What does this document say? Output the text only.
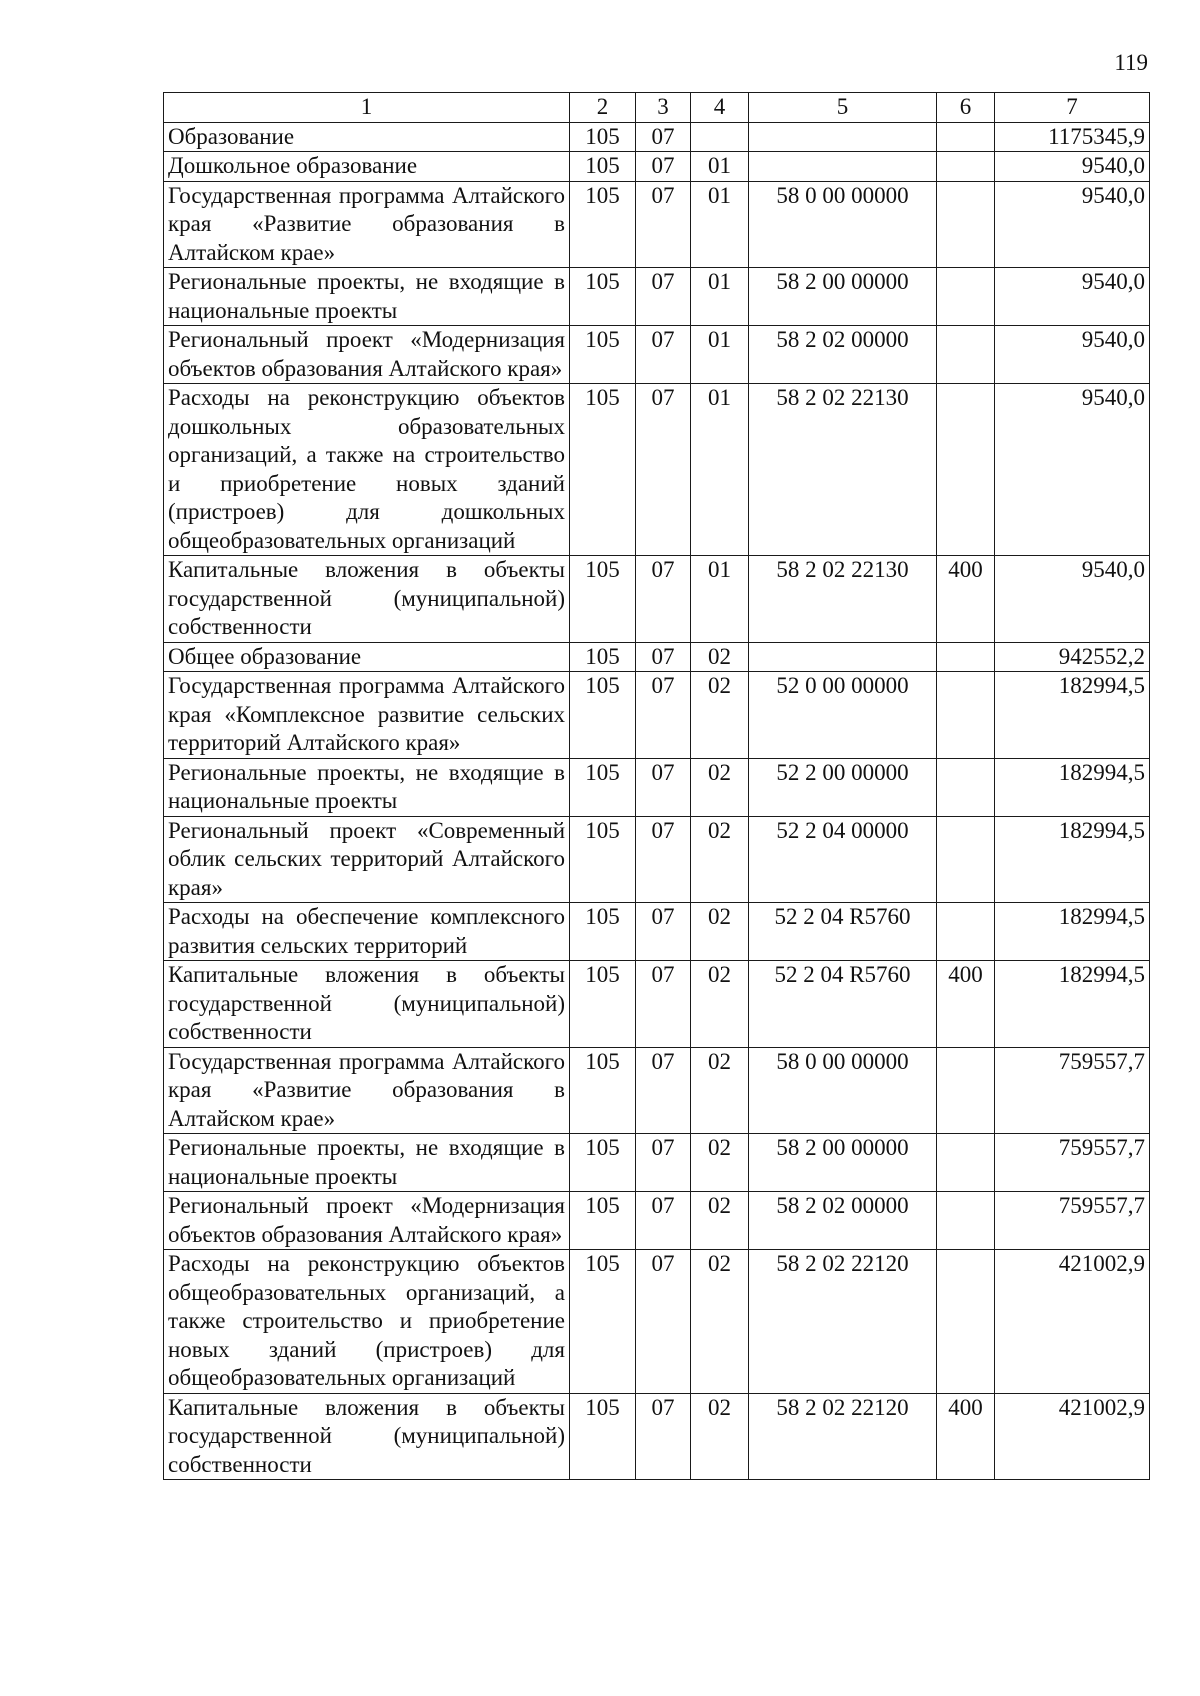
119
1	2	3	4	5	6	7
Образование	105	07				1175345,9
Дошкольное образование	105	07	01			9540,0
Государственная программа Алтайского края «Развитие образования в Алтайском крае»	105	07	01	58 0 00 00000		9540,0
Региональные проекты, не входящие в национальные проекты	105	07	01	58 2 00 00000		9540,0
Региональный проект «Модернизация объектов образования Алтайского края»	105	07	01	58 2 02 00000		9540,0
Расходы на реконструкцию объектов дошкольных образовательных организаций, а также на строительство и приобретение новых зданий (пристроев) для дошкольных общеобразовательных организаций	105	07	01	58 2 02 22130		9540,0
Капитальные вложения в объекты государственной (муниципальной) собственности	105	07	01	58 2 02 22130	400	9540,0
Общее образование	105	07	02			942552,2
Государственная программа Алтайского края «Комплексное развитие сельских территорий Алтайского края»	105	07	02	52 0 00 00000		182994,5
Региональные проекты, не входящие в национальные проекты	105	07	02	52 2 00 00000		182994,5
Региональный проект «Современный облик сельских территорий Алтайского края»	105	07	02	52 2 04 00000		182994,5
Расходы на обеспечение комплексного развития сельских территорий	105	07	02	52 2 04 R5760		182994,5
Капитальные вложения в объекты государственной (муниципальной) собственности	105	07	02	52 2 04 R5760	400	182994,5
Государственная программа Алтайского края «Развитие образования в Алтайском крае»	105	07	02	58 0 00 00000		759557,7
Региональные проекты, не входящие в национальные проекты	105	07	02	58 2 00 00000		759557,7
Региональный проект «Модернизация объектов образования Алтайского края»	105	07	02	58 2 02 00000		759557,7
Расходы на реконструкцию объектов общеобразовательных организаций, а также строительство и приобретение новых зданий (пристроев) для общеобразовательных организаций	105	07	02	58 2 02 22120		421002,9
Капитальные вложения в объекты государственной (муниципальной) собственности	105	07	02	58 2 02 22120	400	421002,9
